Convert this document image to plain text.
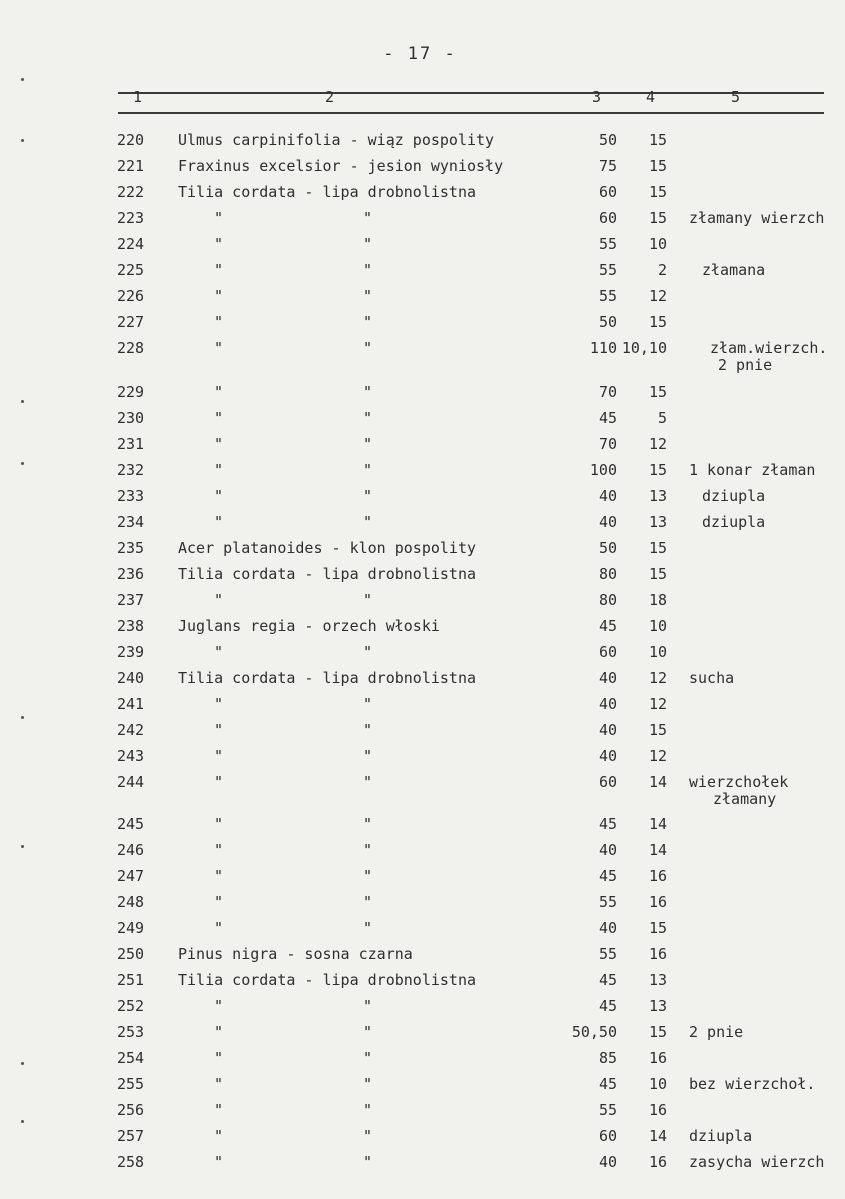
- 17 -
1	2	3	4	5
220 Ulmus carpinifolia - wiąz pospolity	50	15
221 Fraxinus excelsior - jesion wyniosły	75	15
222 Tilia cordata - lipa drobnolistna	60	15
223	"	"	60	15 złamany wierzch
224	"	"	55	10
225	"	"	55	2 złamana
226	"	"	55	12
227	"	"	50	15
228	"	"	110 10,10	złam.wierzch.
2 pnie
229	"	"	70	15
230	"	"	45	5
231	"	"	70	12
232	"	"	100	15 1 konar złaman
233	"	"	40	13 dziupla
234	"	"	40	13 dziupla
235 Acer platanoides - klon pospolity	50	15
236 Tilia cordata - lipa drobnolistna	80	15
237	"	"	80	18
238 Juglans regia - orzech włoski	45	10
239	"	"	60	10
240 Tilia cordata - lipa drobnolistna	40	12 sucha
241	"	"	40	12
242	"	"	40	15
243	"	"	40	12
244	"	"	60	14 wierzchołek
złamany
245	"	"	45	14
246	"	"	40	14
247	"	"	45	16
248	"	"	55	16
249	"	"	40	15
250 Pinus nigra - sosna czarna	55	16
251 Tilia cordata - lipa drobnolistna	45	13
252	"	"	45	13
253	"	"	50,50	15 2 pnie
254	"	"	85	16
255	"	"	45	10 bez wierzchoł.
256	"	"	55	16
257	"	"	60	14 dziupla
258	"	"	40	16 zasycha wierzch
